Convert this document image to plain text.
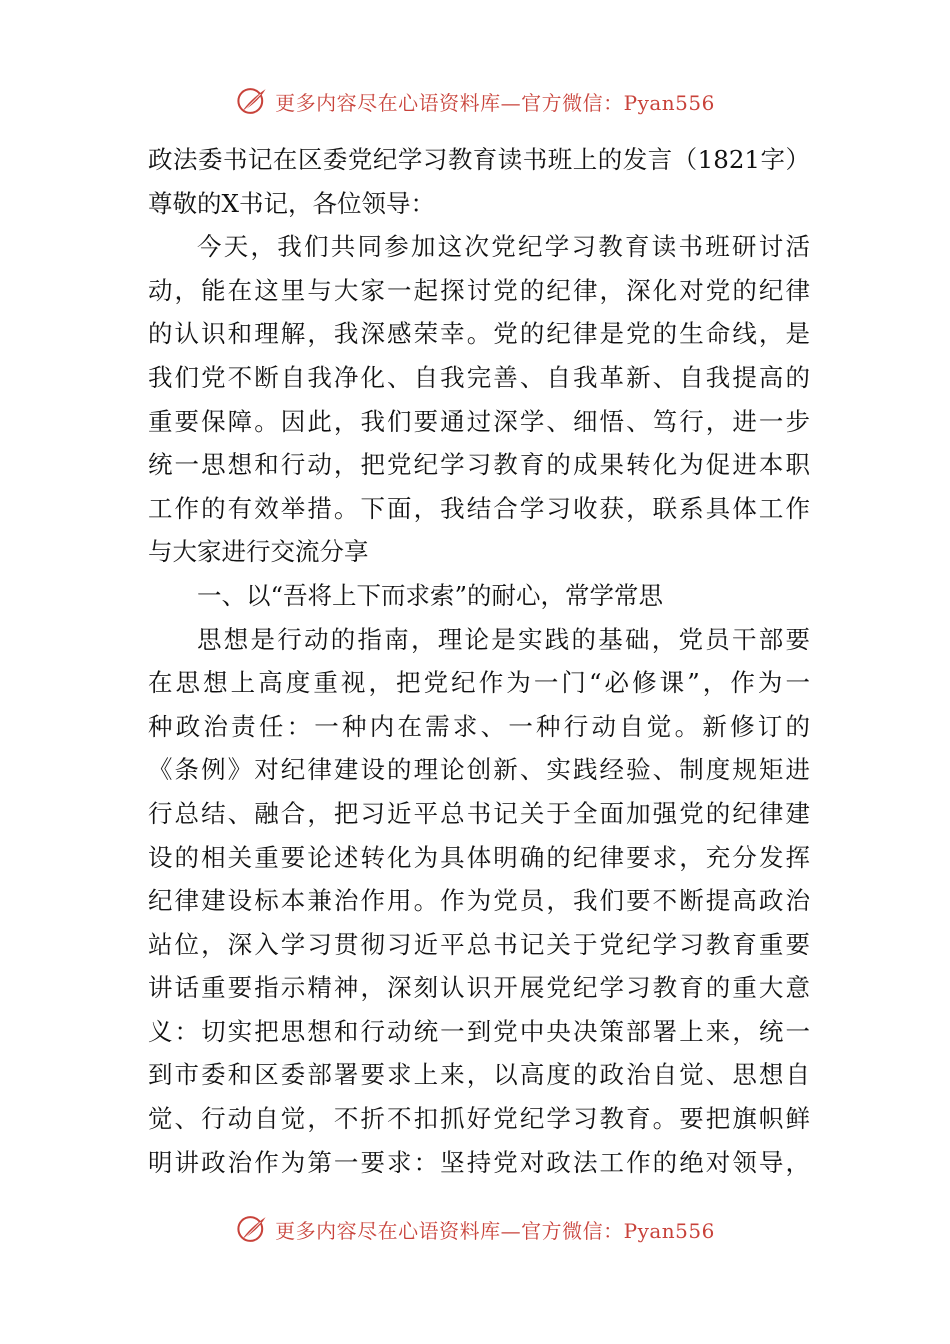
更多内容尽在心语资料库—官方微信：Pyan556
政法委书记在区委党纪学习教育读书班上的发言（1821字）
尊敬的X书记，各位领导：
今天，我们共同参加这次党纪学习教育读书班研讨活
动，能在这里与大家一起探讨党的纪律，深化对党的纪律
的认识和理解，我深感荣幸。党的纪律是党的生命线，是
我们党不断自我净化、自我完善、自我革新、自我提高的
重要保障。因此，我们要通过深学、细悟、笃行，进一步
统一思想和行动，把党纪学习教育的成果转化为促进本职
工作的有效举措。下面，我结合学习收获，联系具体工作
与大家进行交流分享
一、以“吾将上下而求索”的耐心，常学常思
思想是行动的指南，理论是实践的基础，党员干部要
在思想上高度重视，把党纪作为一门“必修课”，作为一
种政治责任：一种内在需求、一种行动自觉。新修订的
《条例》对纪律建设的理论创新、实践经验、制度规矩进
行总结、融合，把习近平总书记关于全面加强党的纪律建
设的相关重要论述转化为具体明确的纪律要求，充分发挥
纪律建设标本兼治作用。作为党员，我们要不断提高政治
站位，深入学习贯彻习近平总书记关于党纪学习教育重要
讲话重要指示精神，深刻认识开展党纪学习教育的重大意
义：切实把思想和行动统一到党中央决策部署上来，统一
到市委和区委部署要求上来，以高度的政治自觉、思想自
觉、行动自觉，不折不扣抓好党纪学习教育。要把旗帜鲜
明讲政治作为第一要求：坚持党对政法工作的绝对领导，
更多内容尽在心语资料库—官方微信：Pyan556
